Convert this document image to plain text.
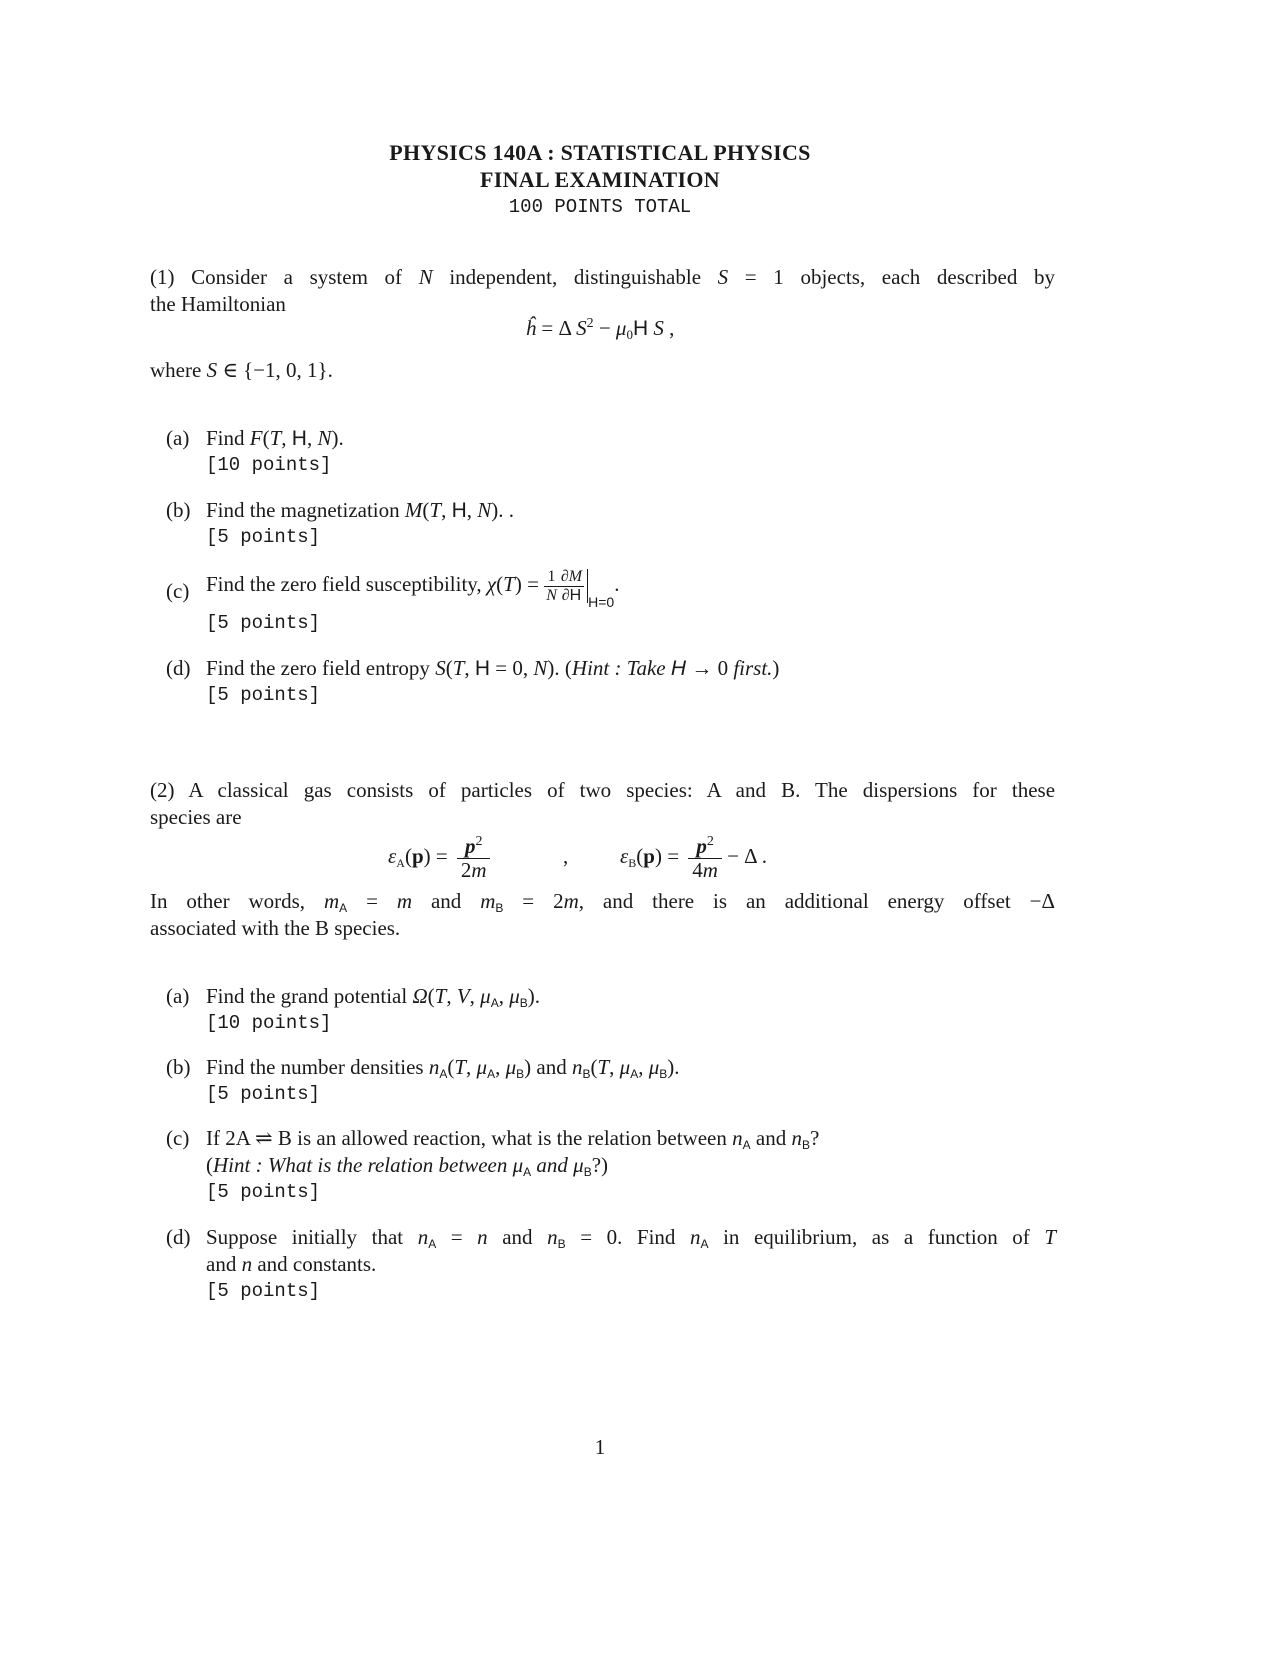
PHYSICS 140A : STATISTICAL PHYSICS
FINAL EXAMINATION
100 POINTS TOTAL
(1) Consider a system of N independent, distinguishable S = 1 objects, each described by
the Hamiltonian
ĥ = Δ $S^2 - \mu_0H$ S ,
where S ∈ {−1, 0, 1}.
(a) Find F(T, H, N).
[10 points]
(b) Find the magnetization M(T, H, N). .
[5 points]
(c) Find the zero field susceptibility, $\chi(T) = \frac{1}{N} \frac{\partial M}{\partial H} _{H=0}$.
[5 points]
(d) Find the zero field entropy S(T, H = 0, N). (Hint : Take H → 0 first.)
[5 points]
(2) A classical gas consists of particles of two species: A and B. The dispersions for these
species are
$\varepsilon_A(p) = \frac{p^2}{2m}$	, $\varepsilon_B(p) = \frac{p^2}{4m} - \Delta$ .
In other words, mA = m and mB = 2m, and there is an additional energy offset −Δ
associated with the B species.
(a) Find the grand potential Ω(T, V, μA, μB).
[10 points]
(b) Find the number densities nA(T, μA, μB) and nB(T, μA, μB).
[5 points]
(c) If 2A ⇌ B is an allowed reaction, what is the relation between nA and nB?
(Hint : What is the relation between μA and μB?)
[5 points]
(d) Suppose initially that nA = n and nB = 0. Find nA in equilibrium, as a function of T
and n and constants.
[5 points]
1
